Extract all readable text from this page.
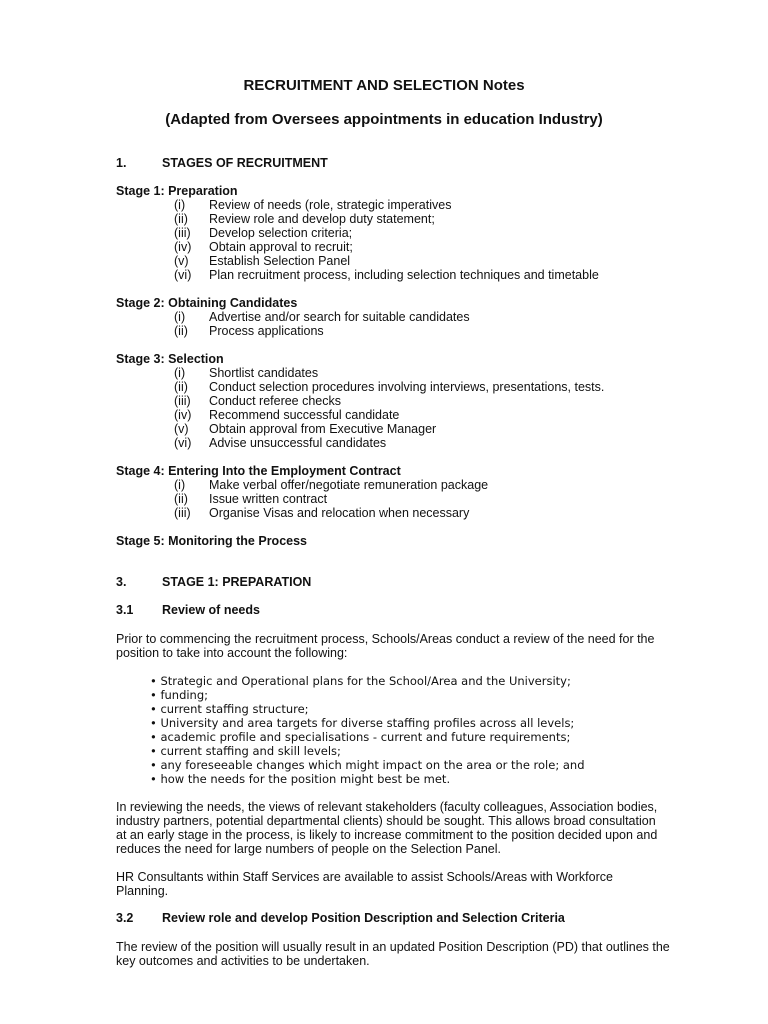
RECRUITMENT AND SELECTION Notes
(Adapted from Oversees appointments in education Industry)
1.	STAGES OF RECRUITMENT
Stage 1: Preparation
(i) Review of needs (role, strategic imperatives
(ii) Review role and develop duty statement;
(iii) Develop selection criteria;
(iv) Obtain approval to recruit;
(v) Establish Selection Panel
(vi) Plan recruitment process, including selection techniques and timetable
Stage 2: Obtaining Candidates
(i) Advertise and/or search for suitable candidates
(ii) Process applications
Stage 3: Selection
(i) Shortlist candidates
(ii) Conduct selection procedures involving interviews, presentations, tests.
(iii) Conduct referee checks
(iv) Recommend successful candidate
(v) Obtain approval from Executive Manager
(vi) Advise unsuccessful candidates
Stage 4: Entering Into the Employment Contract
(i) Make verbal offer/negotiate remuneration package
(ii) Issue written contract
(iii) Organise Visas and relocation when necessary
Stage 5: Monitoring the Process
3.	STAGE 1: PREPARATION
3.1 Review of needs

Prior to commencing the recruitment process, Schools/Areas conduct a review of the need for the position to take into account the following:

• Strategic and Operational plans for the School/Area and the University;
• funding;
• current staffing structure;
• University and area targets for diverse staffing profiles across all levels;
• academic profile and specialisations - current and future requirements;
• current staffing and skill levels;
• any foreseeable changes which might impact on the area or the role; and
• how the needs for the position might best be met.

In reviewing the needs, the views of relevant stakeholders (faculty colleagues, Association bodies, industry partners, potential departmental clients) should be sought. This allows broad consultation at an early stage in the process, is likely to increase commitment to the position decided upon and reduces the need for large numbers of people on the Selection Panel.

HR Consultants within Staff Services are available to assist Schools/Areas with Workforce Planning.

3.2 Review role and develop Position Description and Selection Criteria

The review of the position will usually result in an updated Position Description (PD) that outlines the key outcomes and activities to be undertaken.
